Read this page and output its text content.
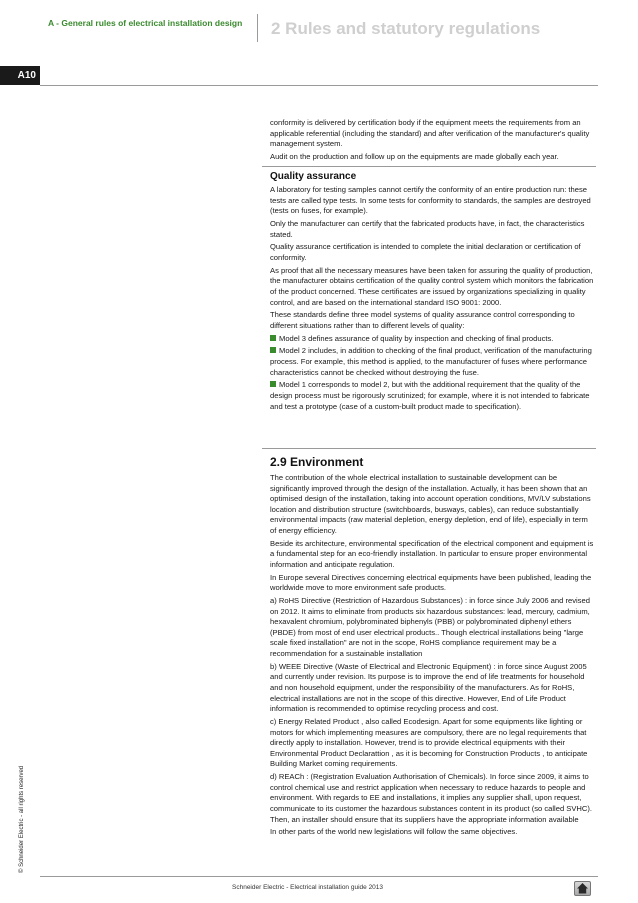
A - General rules of electrical installation design 2 Rules and statutory regulations
A10
© Schneider Electric - all rights reserved

conformity is delivered by certification body if the equipment meets the requirements from an applicable referential (including the standard) and after verification of the manufacturer's quality management system.

Audit on the production and follow up on the equipments are made globally each year.

Quality assurance

A laboratory for testing samples cannot certify the conformity of an entire production run: these tests are called type tests. In some tests for conformity to standards, the samples are destroyed (tests on fuses, for example).

Only the manufacturer can certify that the fabricated products have, in fact, the characteristics stated.

Quality assurance certification is intended to complete the initial declaration or certification of conformity.

As proof that all the necessary measures have been taken for assuring the quality of production, the manufacturer obtains certification of the quality control system which monitors the fabrication of the product concerned. These certificates are issued by organizations specializing in quality control, and are based on the international standard ISO 9001: 2000.

These standards define three model systems of quality assurance control corresponding to different situations rather than to different levels of quality:

Model 3 defines assurance of quality by inspection and checking of final products.

Model 2 includes, in addition to checking of the final product, verification of the manufacturing process. For example, this method is applied, to the manufacturer of fuses where performance characteristics cannot be checked without destroying the fuse.

Model 1 corresponds to model 2, but with the additional requirement that the quality of the design process must be rigorously scrutinized; for example, where it is not intended to fabricate and test a prototype (case of a custom-built product made to specification).

2.9 Environment

The contribution of the whole electrical installation to sustainable development can be significantly improved through the design of the installation. Actually, it has been shown that an optimised design of the installation, taking into account operation conditions, MV/LV substations location and distribution structure (switchboards, busways, cables), can reduce substantially environmental impacts (raw material depletion, energy depletion, end of life), especially in term of energy efficiency.

Beside its architecture, environmental specification of the electrical component and equipment is a fundamental step for an eco-friendly installation. In particular to ensure proper environmental information and anticipate regulation.

In Europe several Directives concerning electrical equipments have been published, leading the worldwide move to more environment safe products.

a) RoHS Directive (Restriction of Hazardous Substances) : in force since July 2006 and revised on 2012. It aims to eliminate from products six hazardous substances: lead, mercury, cadmium, hexavalent chromium, polybrominated biphenyls (PBB) or polybrominated diphenyl ethers (PBDE) from most of end user electrical products.. Though electrical installations being "large scale fixed installation" are not in the scope, RoHS compliance requirement may be a recommendation for a sustainable installation

b) WEEE Directive (Waste of Electrical and Electronic Equipment) : in force since August 2005 and currently under revision. Its purpose is to improve the end of life treatments for household and non household equipment, under the responsibility of the manufacturers. As for RoHS, electrical installations are not in the scope of this directive. However, End of Life Product information is recommended to optimise recycling process and cost.

c) Energy Related Product , also called Ecodesign. Apart for some equipments like lighting or motors for which implementing measures are compulsory, there are no legal requirements that directly apply to installation. However, trend is to provide electrical equipments with their Environmental Product Declarattion , as it is becoming for Construction Products , to anticipate Building Market coming requirements.

d) REACh : (Registration Evaluation Authorisation of Chemicals). In force since 2009, it aims to control chemical use and restrict application when necessary to reduce hazards to people and environment. With regards to EE and installations, it implies any supplier shall, upon request, communicate to its customer the hazardous substances content in its product (so called SVHC). Then, an installer should ensure that its suppliers have the appropriate information available

In other parts of the world new legislations will follow the same objectives.

Schneider Electric - Electrical installation guide 2013
